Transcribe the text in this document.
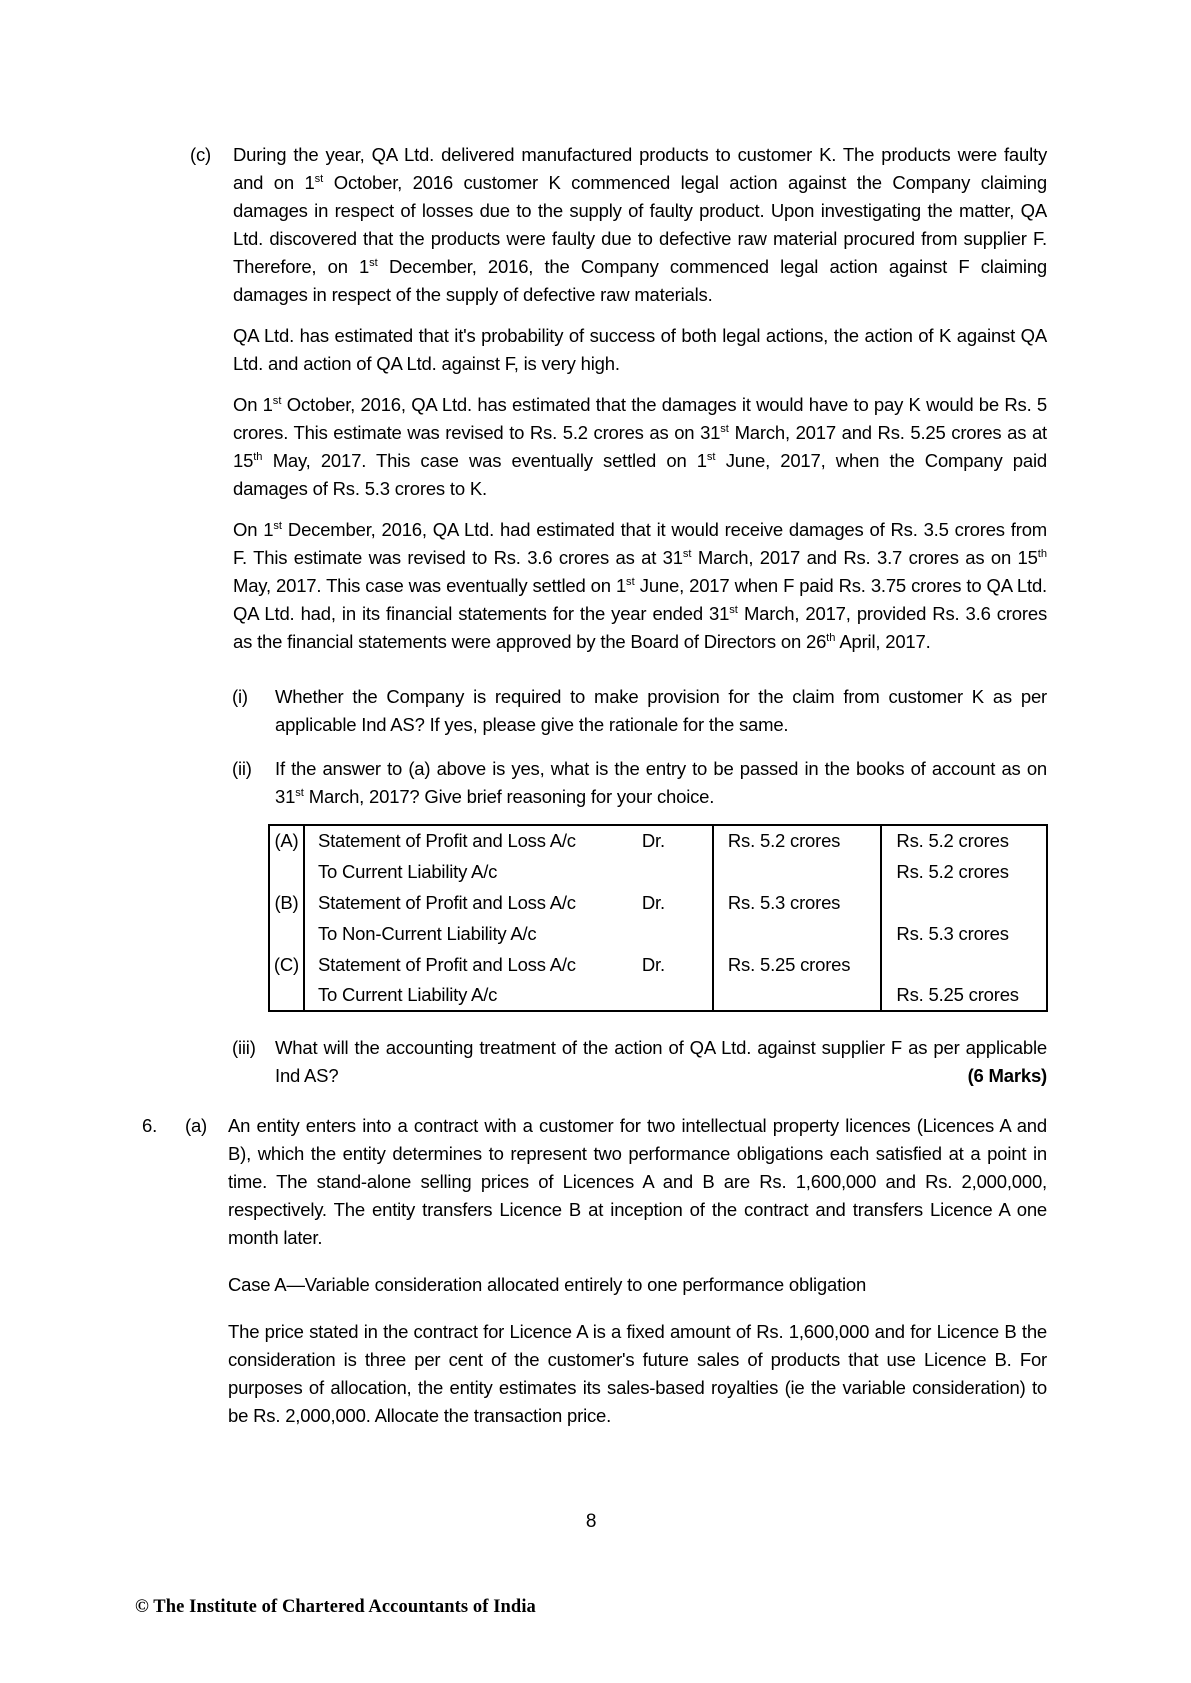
(c)	During the year, QA Ltd. delivered manufactured products to customer K. The products were faulty and on 1st October, 2016 customer K commenced legal action against the Company claiming damages in respect of losses due to the supply of faulty product. Upon investigating the matter, QA Ltd. discovered that the products were faulty due to defective raw material procured from supplier F. Therefore, on 1st December, 2016, the Company commenced legal action against F claiming damages in respect of the supply of defective raw materials.

QA Ltd. has estimated that it's probability of success of both legal actions, the action of K against QA Ltd. and action of QA Ltd. against F, is very high.

On 1st October, 2016, QA Ltd. has estimated that the damages it would have to pay K would be Rs. 5 crores. This estimate was revised to Rs. 5.2 crores as on 31st March, 2017 and Rs. 5.25 crores as at 15th May, 2017. This case was eventually settled on 1st June, 2017, when the Company paid damages of Rs. 5.3 crores to K.

On 1st December, 2016, QA Ltd. had estimated that it would receive damages of Rs. 3.5 crores from F. This estimate was revised to Rs. 3.6 crores as at 31st March, 2017 and Rs. 3.7 crores as on 15th May, 2017. This case was eventually settled on 1st June, 2017 when F paid Rs. 3.75 crores to QA Ltd. QA Ltd. had, in its financial statements for the year ended 31st March, 2017, provided Rs. 3.6 crores as the financial statements were approved by the Board of Directors on 26th April, 2017.

(i)	Whether the Company is required to make provision for the claim from customer K as per applicable Ind AS? If yes, please give the rationale for the same.
(ii)	If the answer to (a) above is yes, what is the entry to be passed in the books of account as on 31st March, 2017? Give brief reasoning for your choice.
(A)	Statement of Profit and Loss A/c Dr.	Rs. 5.2 crores	Rs. 5.2 crores

	To Current Liability A/c		Rs. 5.2 crores
(B)	Statement of Profit and Loss A/c Dr.	Rs. 5.3 crores	

	To Non-Current Liability A/c		Rs. 5.3 crores
(C)	Statement of Profit and Loss A/c Dr.	Rs. 5.25 crores	

	To Current Liability A/c		Rs. 5.25 crores
(iii)	What will the accounting treatment of the action of QA Ltd. against supplier F as per applicable Ind AS?	(6 Marks)
6.	(a)	An entity enters into a contract with a customer for two intellectual property licences (Licences A and B), which the entity determines to represent two performance obligations each satisfied at a point in time. The stand-alone selling prices of Licences A and B are Rs. 1,600,000 and Rs. 2,000,000, respectively. The entity transfers Licence B at inception of the contract and transfers Licence A one month later.

Case A—Variable consideration allocated entirely to one performance obligation

The price stated in the contract for Licence A is a fixed amount of Rs. 1,600,000 and for Licence B the consideration is three per cent of the customer's future sales of products that use Licence B. For purposes of allocation, the entity estimates its sales-based royalties (ie the variable consideration) to be Rs. 2,000,000. Allocate the transaction price.

8
© The Institute of Chartered Accountants of India
